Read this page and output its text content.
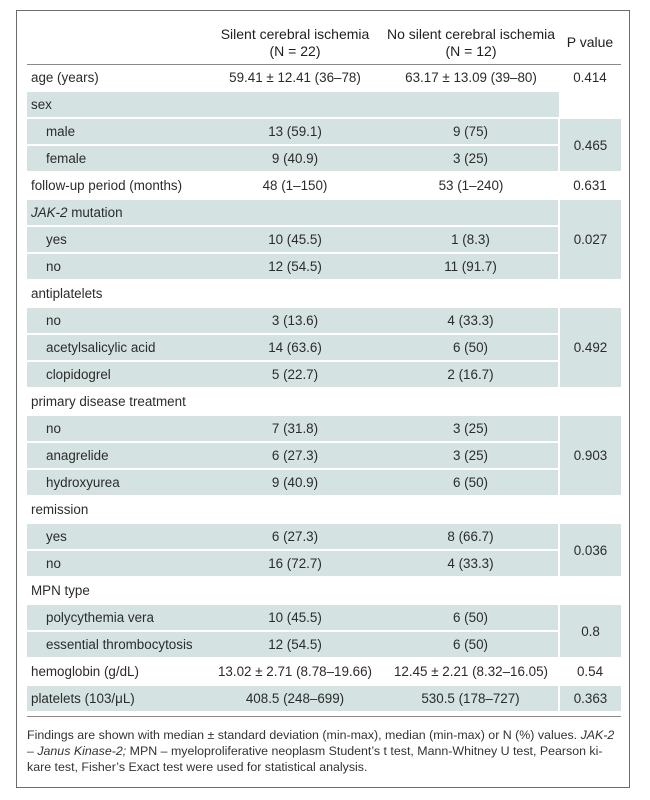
	Silent cerebral ischemia
(N = 22)	No silent cerebral ischemia
(N = 12)	P value
age (years)	59.41 ± 12.41 (36–78)	63.17 ± 13.09 (39–80)	0.414
sex			
male	13 (59.1)	9 (75)	0.465
female	9 (40.9)	3 (25)	
follow-up period (months)	48 (1–150)	53 (1–240)	0.631
JAK-2 mutation			0.027
yes	10 (45.5)	1 (8.3)	
no	12 (54.5)	11 (91.7)	
antiplatelets			
no	3 (13.6)	4 (33.3)	0.492
acetylsalicylic acid	14 (63.6)	6 (50)	
clopidogrel	5 (22.7)	2 (16.7)	
primary disease treatment			
no	7 (31.8)	3 (25)	0.903
anagrelide	6 (27.3)	3 (25)	
hydroxyurea	9 (40.9)	6 (50)	
remission			
yes	6 (27.3)	8 (66.7)	0.036
no	16 (72.7)	4 (33.3)	
MPN type			
polycythemia vera	10 (45.5)	6 (50)	0.8
essential thrombocytosis	12 (54.5)	6 (50)	
hemoglobin (g/dL)	13.02 ± 2.71 (8.78–19.66)	12.45 ± 2.21 (8.32–16.05)	0.54
platelets (103/μL)	408.5 (248–699)	530.5 (178–727)	0.363
Findings are shown with median ± standard deviation (min-max), median (min-max) or N (%) values. JAK-2 – Janus Kinase-2; MPN – myeloproliferative neoplasm Student’s t test, Mann-Whitney U test, Pearson ki-kare test, Fisher’s Exact test were used for statistical analysis.
